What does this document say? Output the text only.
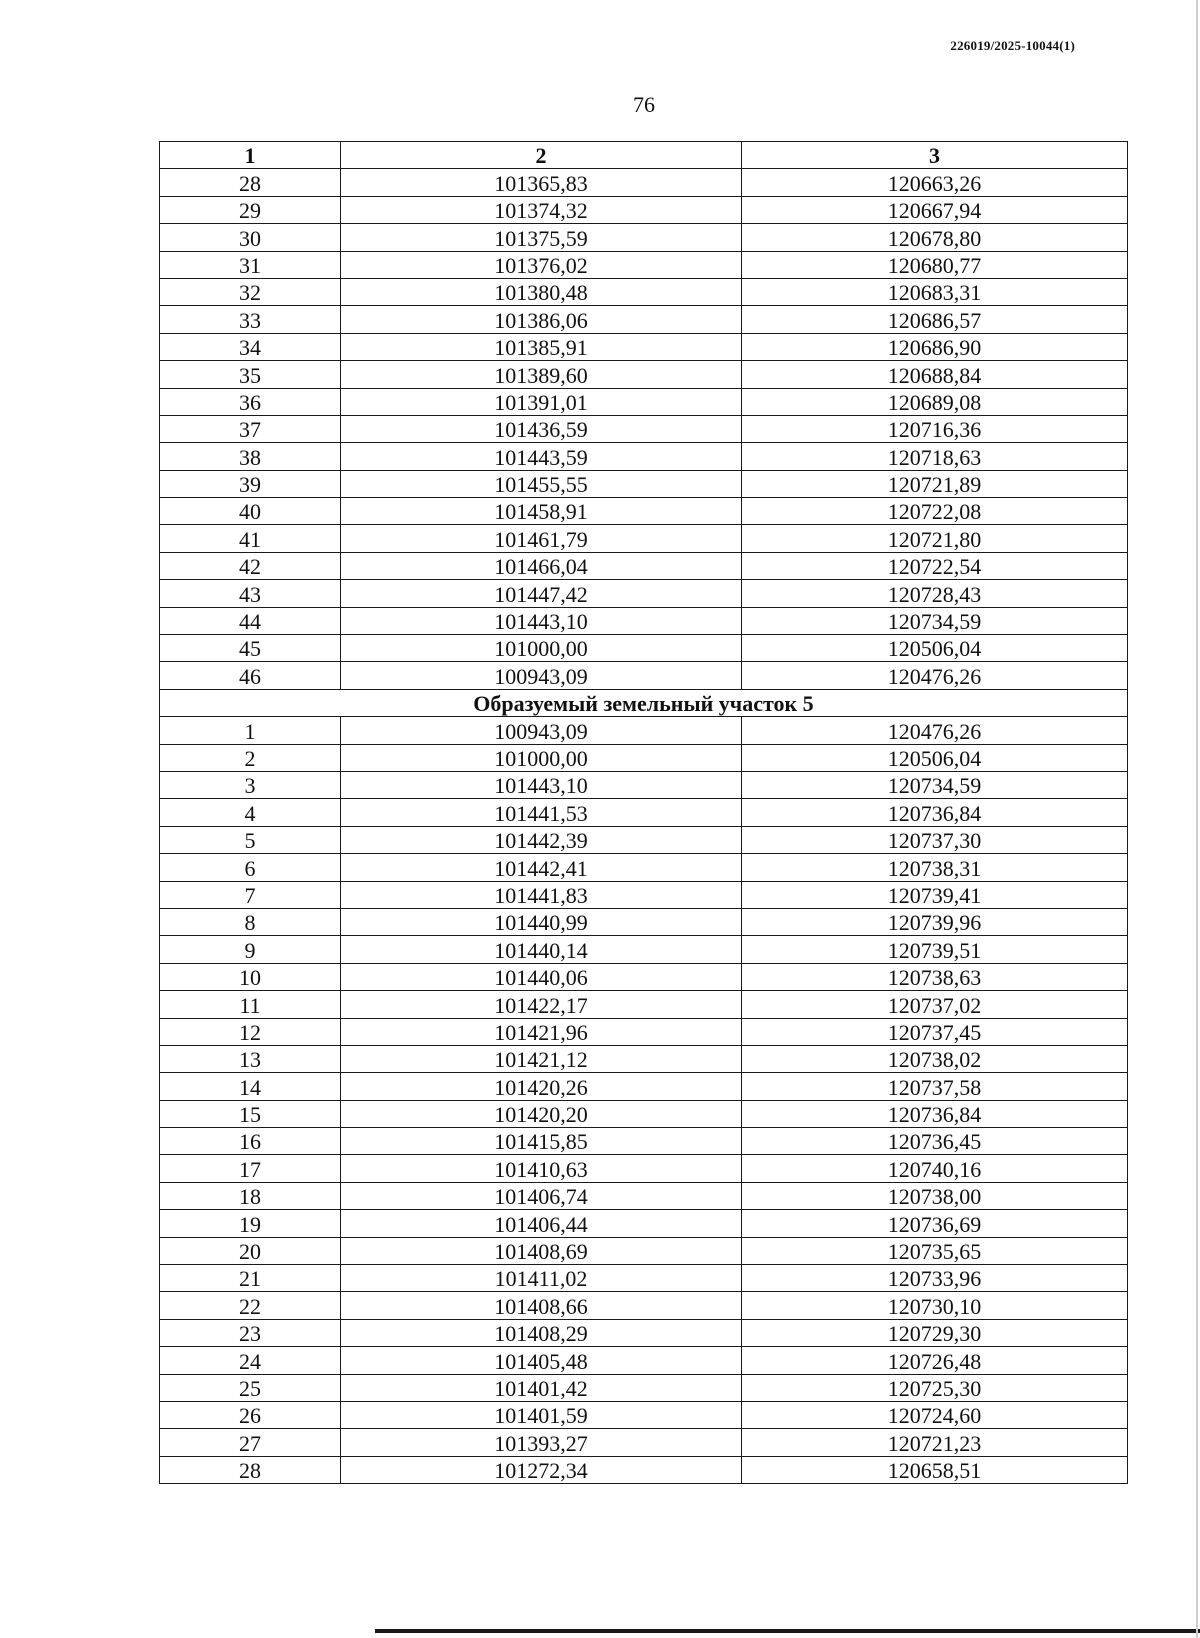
226019/2025-10044(1)
76
1	2	3
28	101365,83	120663,26
29	101374,32	120667,94
30	101375,59	120678,80
31	101376,02	120680,77
32	101380,48	120683,31
33	101386,06	120686,57
34	101385,91	120686,90
35	101389,60	120688,84
36	101391,01	120689,08
37	101436,59	120716,36
38	101443,59	120718,63
39	101455,55	120721,89
40	101458,91	120722,08
41	101461,79	120721,80
42	101466,04	120722,54
43	101447,42	120728,43
44	101443,10	120734,59
45	101000,00	120506,04
46	100943,09	120476,26
Образуемый земельный участок 5		
1	100943,09	120476,26
2	101000,00	120506,04
3	101443,10	120734,59
4	101441,53	120736,84
5	101442,39	120737,30
6	101442,41	120738,31
7	101441,83	120739,41
8	101440,99	120739,96
9	101440,14	120739,51
10	101440,06	120738,63
11	101422,17	120737,02
12	101421,96	120737,45
13	101421,12	120738,02
14	101420,26	120737,58
15	101420,20	120736,84
16	101415,85	120736,45
17	101410,63	120740,16
18	101406,74	120738,00
19	101406,44	120736,69
20	101408,69	120735,65
21	101411,02	120733,96
22	101408,66	120730,10
23	101408,29	120729,30
24	101405,48	120726,48
25	101401,42	120725,30
26	101401,59	120724,60
27	101393,27	120721,23
28	101272,34	120658,51
